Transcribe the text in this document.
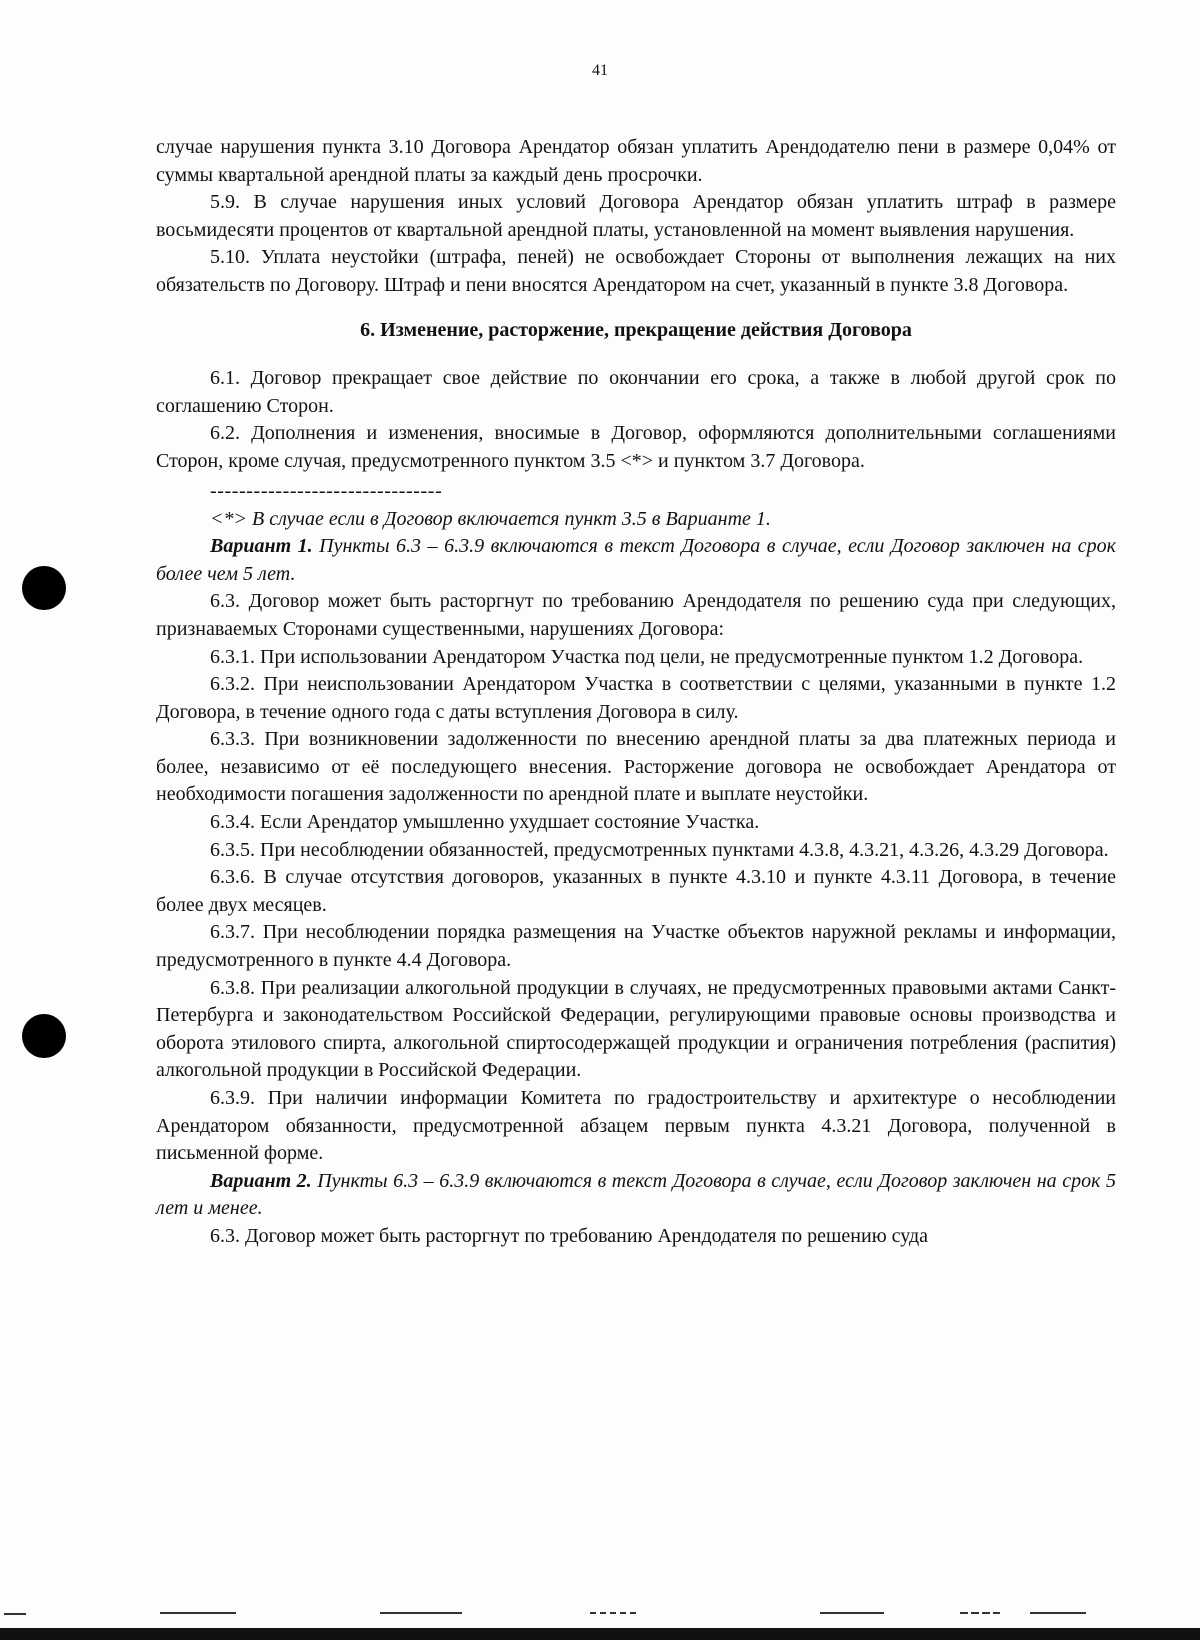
41

случае нарушения пункта 3.10 Договора Арендатор обязан уплатить Арендодателю пени в размере 0,04% от суммы квартальной арендной платы за каждый день просрочки.

5.9. В случае нарушения иных условий Договора Арендатор обязан уплатить штраф в размере восьмидесяти процентов от квартальной арендной платы, установленной на момент выявления нарушения.

5.10. Уплата неустойки (штрафа, пеней) не освобождает Стороны от выполнения лежащих на них обязательств по Договору. Штраф и пени вносятся Арендатором на счет, указанный в пункте 3.8 Договора.

6. Изменение, расторжение, прекращение действия Договора

6.1. Договор прекращает свое действие по окончании его срока, а также в любой другой срок по соглашению Сторон.

6.2. Дополнения и изменения, вносимые в Договор, оформляются дополнительными соглашениями Сторон, кроме случая, предусмотренного пунктом 3.5 <*> и пунктом 3.7 Договора.

--------------------------------

<*> В случае если в Договор включается пункт 3.5 в Варианте 1.

Вариант 1. Пункты 6.3 – 6.3.9 включаются в текст Договора в случае, если Договор заключен на срок более чем 5 лет.

6.3. Договор может быть расторгнут по требованию Арендодателя по решению суда при следующих, признаваемых Сторонами существенными, нарушениях Договора:

6.3.1. При использовании Арендатором Участка под цели, не предусмотренные пунктом 1.2 Договора.

6.3.2. При неиспользовании Арендатором Участка в соответствии с целями, указанными в пункте 1.2 Договора, в течение одного года с даты вступления Договора в силу.

6.3.3. При возникновении задолженности по внесению арендной платы за два платежных периода и более, независимо от её последующего внесения. Расторжение договора не освобождает Арендатора от необходимости погашения задолженности по арендной плате и выплате неустойки.

6.3.4. Если Арендатор умышленно ухудшает состояние Участка.

6.3.5. При несоблюдении обязанностей, предусмотренных пунктами 4.3.8, 4.3.21, 4.3.26, 4.3.29 Договора.

6.3.6. В случае отсутствия договоров, указанных в пункте 4.3.10 и пункте 4.3.11 Договора, в течение более двух месяцев.

6.3.7. При несоблюдении порядка размещения на Участке объектов наружной рекламы и информации, предусмотренного в пункте 4.4 Договора.

6.3.8. При реализации алкогольной продукции в случаях, не предусмотренных правовыми актами Санкт-Петербурга и законодательством Российской Федерации, регулирующими правовые основы производства и оборота этилового спирта, алкогольной спиртосодержащей продукции и ограничения потребления (распития) алкогольной продукции в Российской Федерации.

6.3.9. При наличии информации Комитета по градостроительству и архитектуре о несоблюдении Арендатором обязанности, предусмотренной абзацем первым пункта 4.3.21 Договора, полученной в письменной форме.

Вариант 2. Пункты 6.3 – 6.3.9 включаются в текст Договора в случае, если Договор заключен на срок 5 лет и менее.

6.3. Договор может быть расторгнут по требованию Арендодателя по решению суда
